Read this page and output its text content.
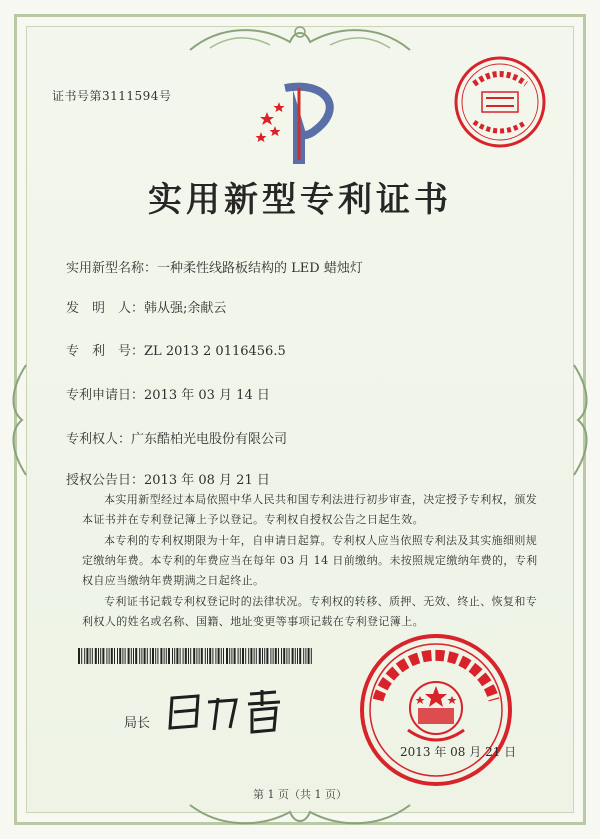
证书号第3111594号
实用新型专利证书
实用新型名称：一种柔性线路板结构的 LED 蜡烛灯
发　明　人：韩从强;余献云
专　利　号：ZL 2013 2 0116456.5
专利申请日：2013 年 03 月 14 日
专利权人：广东酷柏光电股份有限公司
授权公告日：2013 年 08 月 21 日
本实用新型经过本局依照中华人民共和国专利法进行初步审查，决定授予专利权，颁发本证书并在专利登记簿上予以登记。专利权自授权公告之日起生效。
本专利的专利权期限为十年，自申请日起算。专利权人应当依照专利法及其实施细则规定缴纳年费。本专利的年费应当在每年 03 月 14 日前缴纳。未按照规定缴纳年费的，专利权自应当缴纳年费期满之日起终止。
专利证书记载专利权登记时的法律状况。专利权的转移、质押、无效、终止、恢复和专利权人的姓名或名称、国籍、地址变更等事项记载在专利登记簿上。
局长
2013 年 08 月 21 日
第 1 页（共 1 页）
